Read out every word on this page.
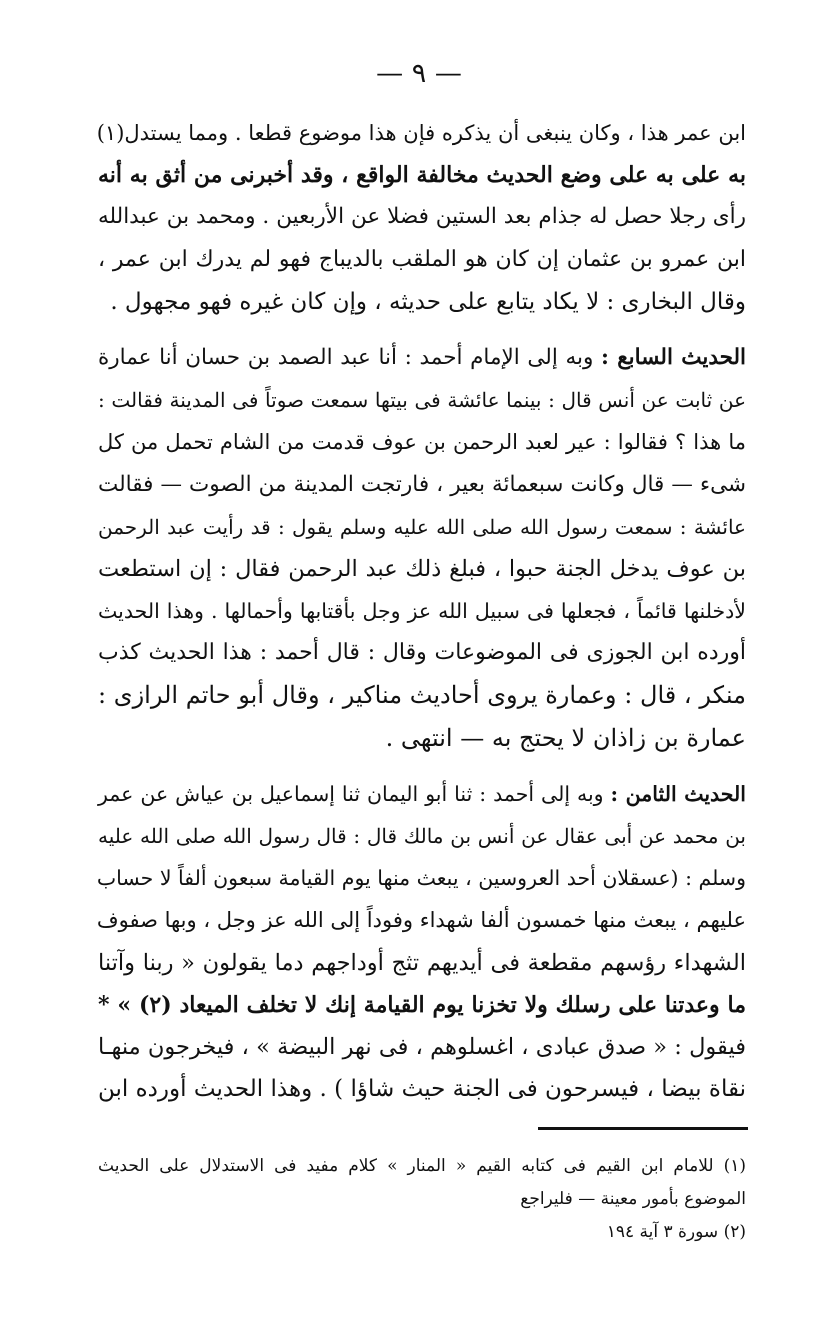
— ٩ —
ابن عمر هذا ، وكان ينبغى أن يذكره فإن هذا موضوع قطعا . ومما يستدل(١)
به على به على وضع الحديث مخالفة الواقع ، وقد أخبرنى من أثق به أنه
رأى رجلا حصل له جذام بعد الستين فضلا عن الأربعين . ومحمد بن عبدالله
ابن عمرو بن عثمان إن كان هو الملقب بالديباج فهو لم يدرك ابن عمر ،
وقال البخارى : لا يكاد يتابع على حديثه ، وإن كان غيره فهو مجهول .
الحديث السابع : وبه إلى الإمام أحمد : أنا عبد الصمد بن حسان أنا عمارة
عن ثابت عن أنس قال : بينما عائشة فى بيتها سمعت صوتاً فى المدينة فقالت :
ما هذا ؟ فقالوا : عير لعبد الرحمن بن عوف قدمت من الشام تحمل من كل
شىء — قال وكانت سبعمائة بعير ، فارتجت المدينة من الصوت — فقالت
عائشة : سمعت رسول الله صلى الله عليه وسلم يقول : قد رأيت عبد الرحمن
بن عوف يدخل الجنة حبوا ، فبلغ ذلك عبد الرحمن فقال : إن استطعت
لأدخلنها قائماً ، فجعلها فى سبيل الله عز وجل بأقتابها وأحمالها . وهذا الحديث
أورده ابن الجوزى فى الموضوعات وقال : قال أحمد : هذا الحديث كذب
منكر ، قال : وعمارة يروى أحاديث مناكير ، وقال أبو حاتم الرازى :
عمارة بن زاذان لا يحتج به — انتهى .
الحديث الثامن : وبه إلى أحمد : ثنا أبو اليمان ثنا إسماعيل بن عياش عن عمر
بن محمد عن أبى عقال عن أنس بن مالك قال : قال رسول الله صلى الله عليه
وسلم : (عسقلان أحد العروسين ، يبعث منها يوم القيامة سبعون ألفاً لا حساب
عليهم ، يبعث منها خمسون ألفا شهداء وفوداً إلى الله عز وجل ، وبها صفوف
الشهداء رؤسهم مقطعة فى أيديهم تثج أوداجهم دما يقولون « ربنا وآتنا
ما وعدتنا على رسلك ولا تخزنا يوم القيامة إنك لا تخلف الميعاد (٢) » *
فيقول : « صدق عبادى ، اغسلوهم ، فى نهر البيضة » ، فيخرجون منهـا
نقاة بيضا ، فيسرحون فى الجنة حيث شاؤا ) . وهذا الحديث أورده ابن
(١) للامام ابن القيم فى كتابه القيم « المنار » كلام مفيد فى الاستدلال على الحديث
الموضوع بأمور معينة — فليراجع
(٢) سورة ٣ آية ١٩٤
